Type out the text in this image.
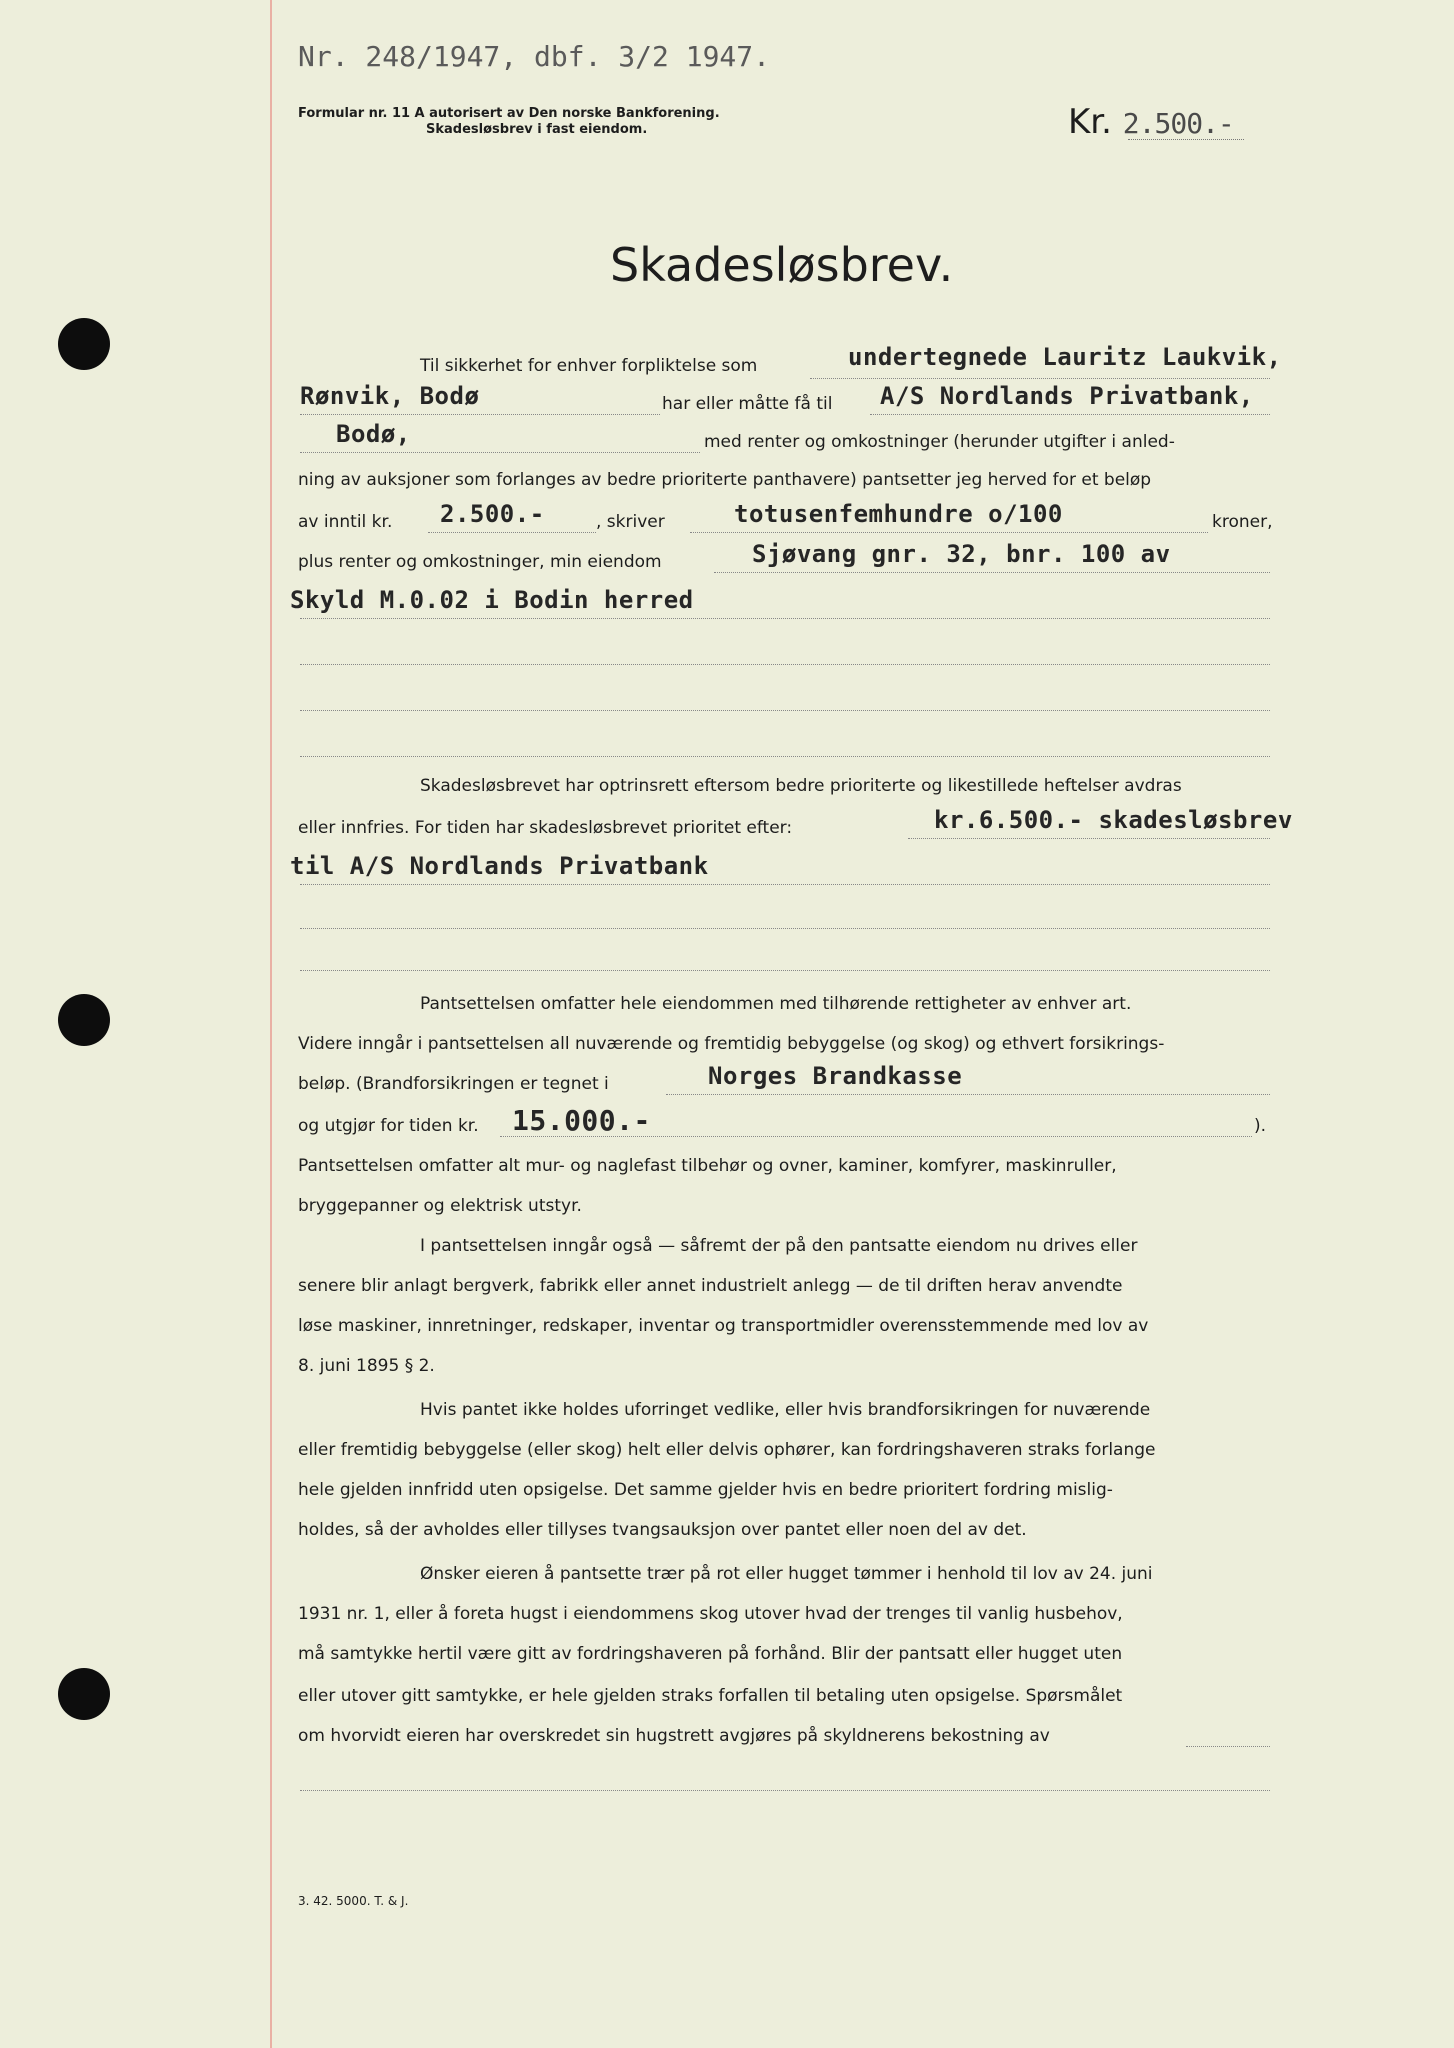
Nr. 248/1947, dbf. 3/2 1947.
Formular nr. 11 A autorisert av Den norske Bankforening.
Skadesløsbrev i fast eiendom.	Kr. 2.500.-
Skadesløsbrev.
Til sikkerhet for enhver forpliktelse som	undertegnede Lauritz Laukvik,
Rønvik, Bodø	har eller måtte få til A/S Nordlands Privatbank,
Bodø,	med renter og omkostninger (herunder utgifter i anled-
ning av auksjoner som forlanges av bedre prioriterte panthavere) pantsetter jeg herved for et beløp
av inntil kr. 2.500.-	, skriver	totusenfemhundre o/100	kroner,
plus renter og omkostninger, min eiendom	Sjøvang gnr. 32, bnr. 100 av
Skyld M.0.02 i Bodin herred
Skadesløsbrevet har optrinsrett eftersom bedre prioriterte og likestillede heftelser avdras
eller innfries. For tiden har skadesløsbrevet prioritet efter:	kr.6.500.- skadesløsbrev
til A/S Nordlands Privatbank
Pantsettelsen omfatter hele eiendommen med tilhørende rettigheter av enhver art.
Videre inngår i pantsettelsen all nuværende og fremtidig bebyggelse (og skog) og ethvert forsikrings-
beløp. (Brandforsikringen er tegnet i	Norges Brandkasse
og utgjør for tiden kr. 15.000.-	).
Pantsettelsen omfatter alt mur- og naglefast tilbehør og ovner, kaminer, komfyrer, maskinruller,
bryggepanner og elektrisk utstyr.
I pantsettelsen inngår også — såfremt der på den pantsatte eiendom nu drives eller
senere blir anlagt bergverk, fabrikk eller annet industrielt anlegg — de til driften herav anvendte
løse maskiner, innretninger, redskaper, inventar og transportmidler overensstemmende med lov av
8. juni 1895 § 2.
Hvis pantet ikke holdes uforringet vedlike, eller hvis brandforsikringen for nuværende
eller fremtidig bebyggelse (eller skog) helt eller delvis ophører, kan fordringshaveren straks forlange
hele gjelden innfridd uten opsigelse. Det samme gjelder hvis en bedre prioritert fordring mislig-
holdes, så der avholdes eller tillyses tvangsauksjon over pantet eller noen del av det.
Ønsker eieren å pantsette trær på rot eller hugget tømmer i henhold til lov av 24. juni
1931 nr. 1, eller å foreta hugst i eiendommens skog utover hvad der trenges til vanlig husbehov,
må samtykke hertil være gitt av fordringshaveren på forhånd. Blir der pantsatt eller hugget uten
eller utover gitt samtykke, er hele gjelden straks forfallen til betaling uten opsigelse. Spørsmålet
om hvorvidt eieren har overskredet sin hugstrett avgjøres på skyldnerens bekostning av
3. 42. 5000. T. & J.
